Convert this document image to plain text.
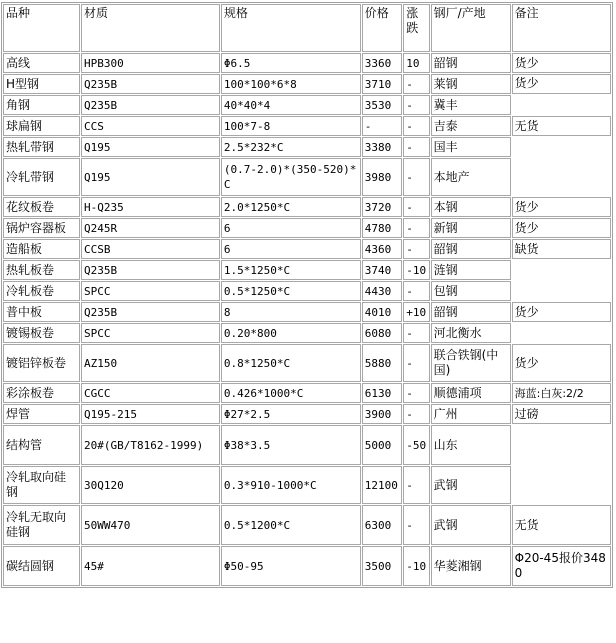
品种	材质	规格	价格	涨跌	钢厂/产地	备注
高线	HPB300	Φ6.5	3360	10	韶钢	货少
H型钢	Q235B	100*100*6*8	3710	-	莱钢	货少
角钢	Q235B	40*40*4	3530	-	冀丰	
球扁钢	CCS	100*7-8	-	-	吉泰	无货
热轧带钢	Q195	2.5*232*C	3380	-	国丰	
冷轧带钢	Q195	(0.7-2.0)*(350-520)*C	3980	-	本地产	
花纹板卷	H-Q235	2.0*1250*C	3720	-	本钢	货少
锅炉容器板	Q245R	6	4780	-	新钢	货少
造船板	CCSB	6	4360	-	韶钢	缺货
热轧板卷	Q235B	1.5*1250*C	3740	-10	涟钢	
冷轧板卷	SPCC	0.5*1250*C	4430	-	包钢	
普中板	Q235B	8	4010	+10	韶钢	货少
镀锡板卷	SPCC	0.20*800	6080	-	河北衡水	
镀铝锌板卷	AZ150	0.8*1250*C	5880	-	联合铁钢(中国)	货少
彩涂板卷	CGCC	0.426*1000*C	6130	-	顺德浦项	海蓝:白灰:2/2
焊管	Q195-215	Φ27*2.5	3900	-	广州	过磅
结构管	20#(GB/T8162-1999)	Φ38*3.5	5000	-50	山东	
冷轧取向硅钢	30Q120	0.3*910-1000*C	12100	-	武钢	
冷轧无取向硅钢	50WW470	0.5*1200*C	6300	-	武钢	无货
碳结圆钢	45#	Φ50-95	3500	-10	华菱湘钢	Φ20-45报价3480
